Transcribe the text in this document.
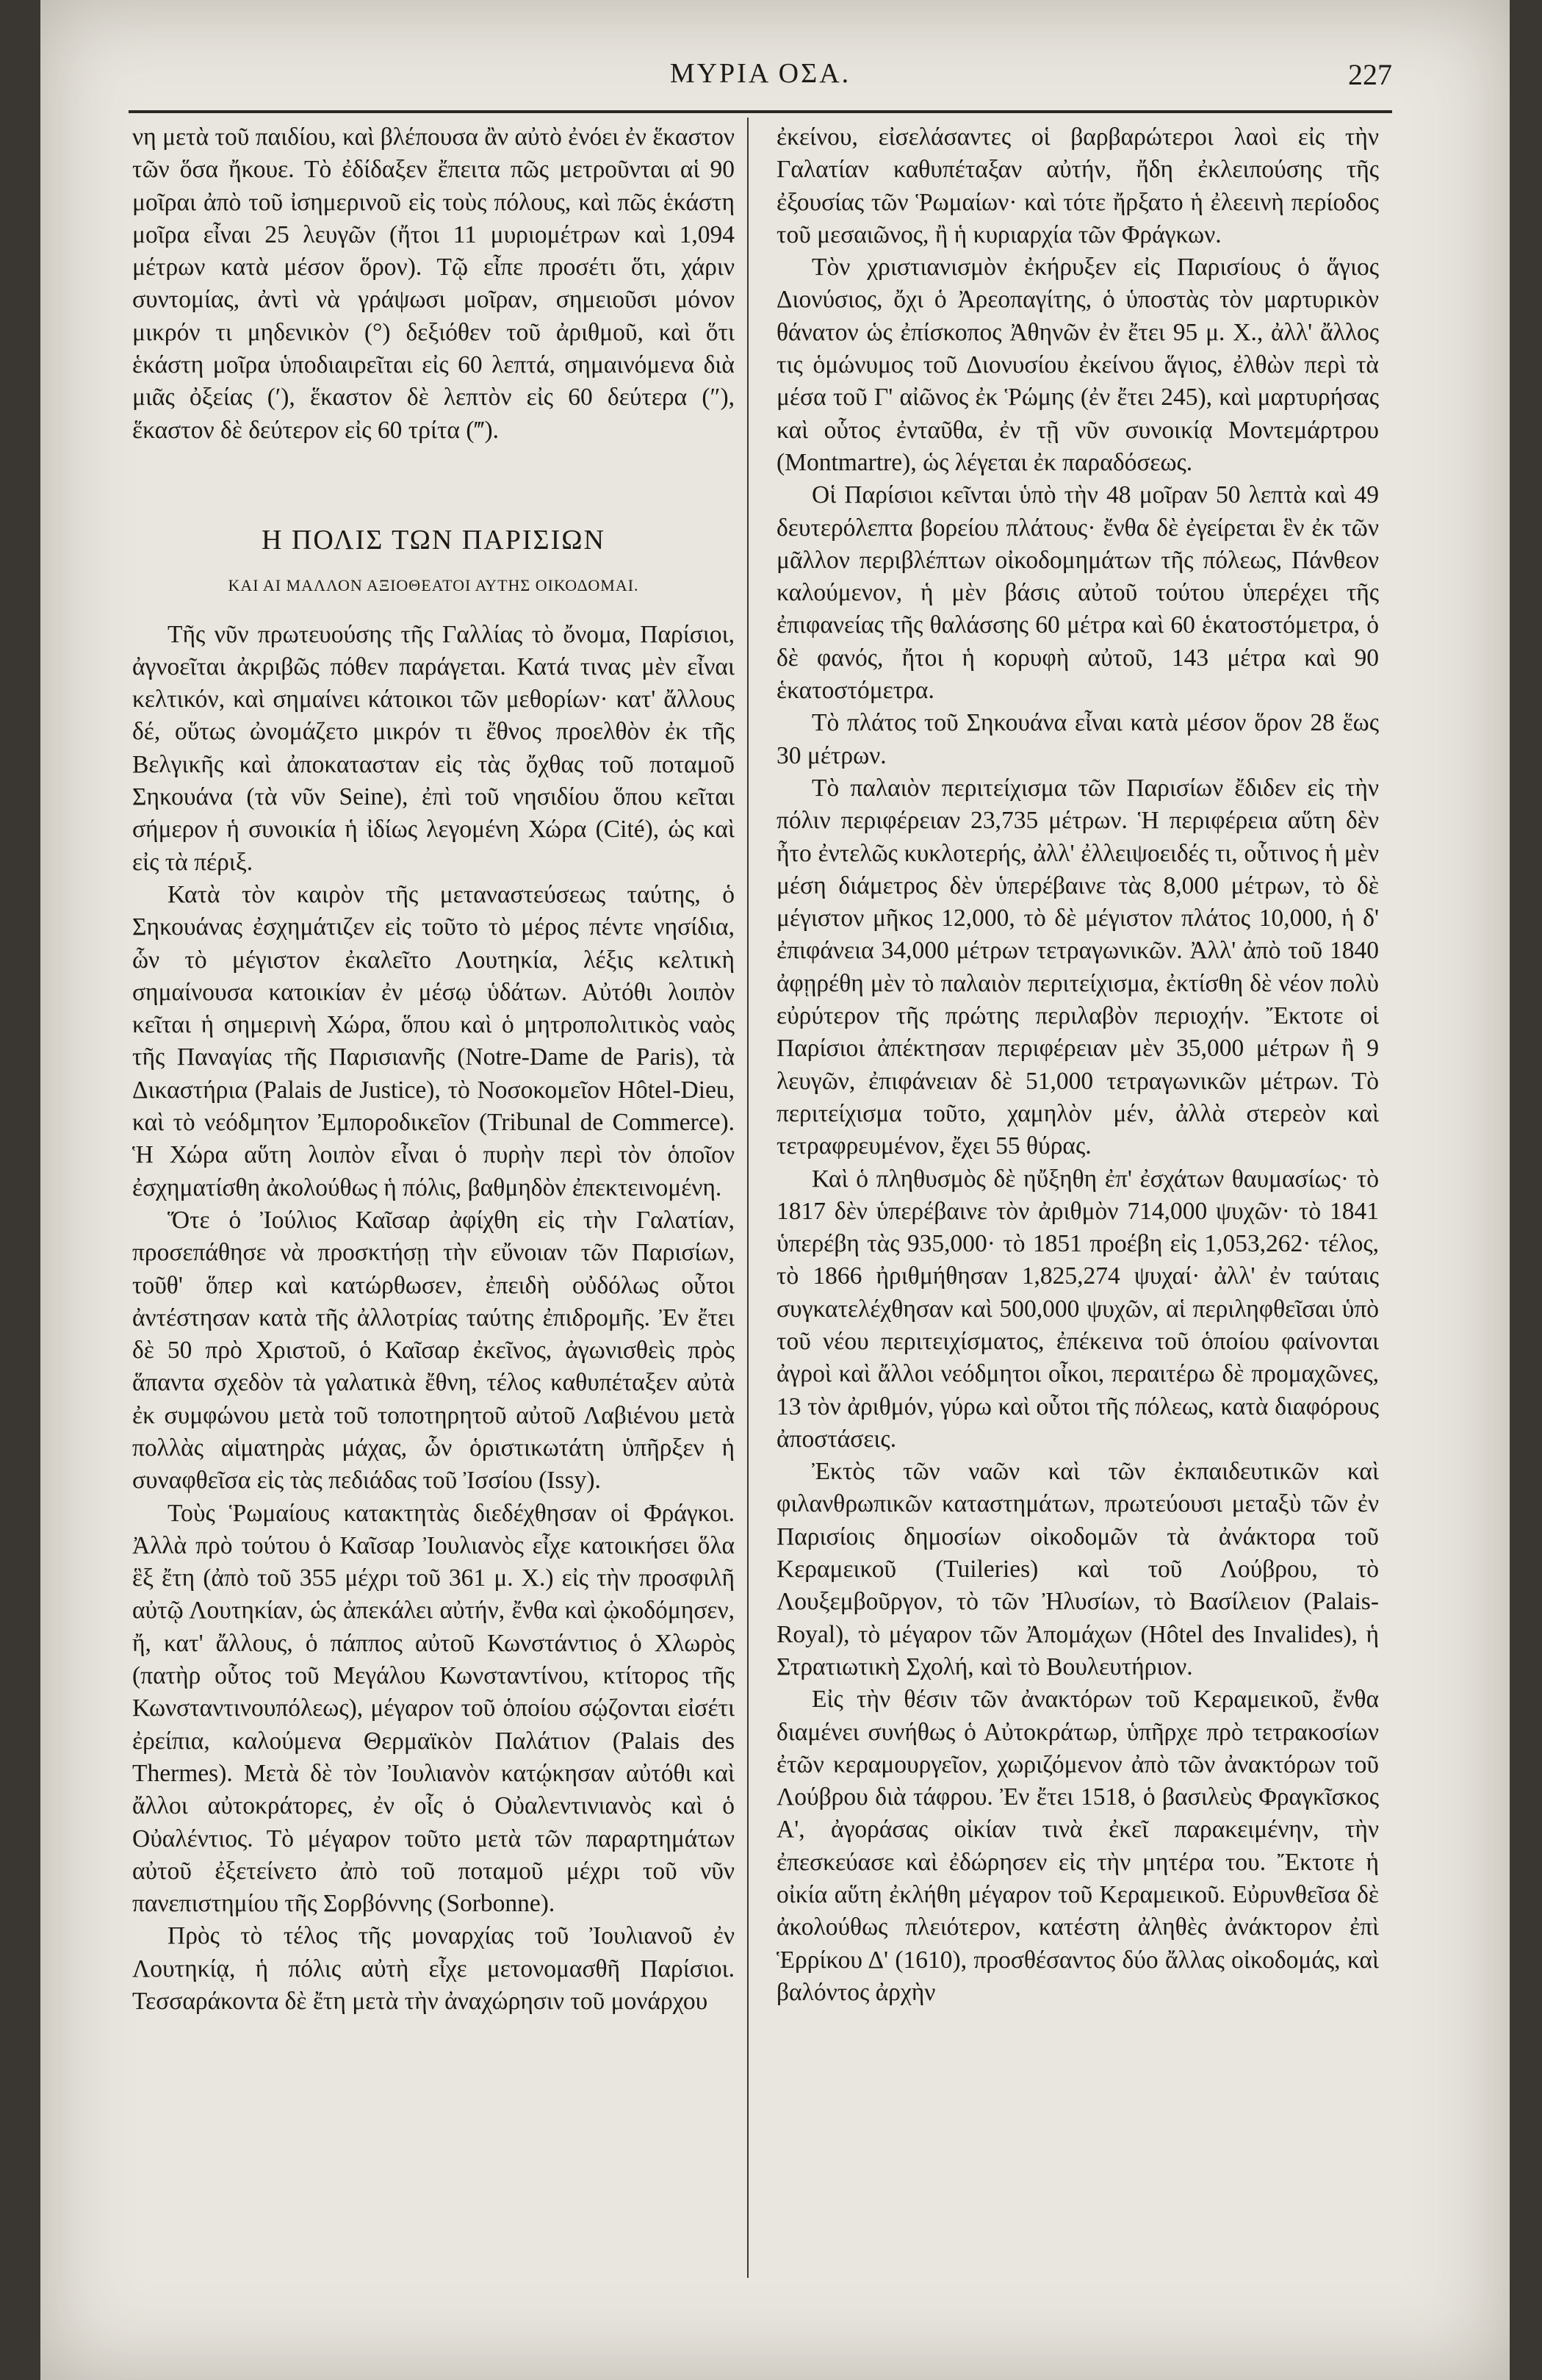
ΜΥΡΙΑ ΟΣΑ.	227

νη μετὰ τοῦ παιδίου, καὶ βλέπουσα ἂν αὐτὸ ἐνόει ἐν ἕκαστον τῶν ὅσα ἤκουε. Τὸ ἐδίδαξεν ἔπειτα πῶς μετροῦνται αἱ 90 μοῖραι ἀπὸ τοῦ ἰσημερινοῦ εἰς τοὺς πόλους, καὶ πῶς ἑκάστη μοῖρα εἶναι 25 λευγῶν (ἤτοι 11 μυριομέτρων καὶ 1,094 μέτρων κατὰ μέσον ὅρον). Τῷ εἶπε προσέτι ὅτι, χάριν συντομίας, ἀντὶ νὰ γράψωσι μοῖραν, σημειοῦσι μόνον μικρόν τι μηδενικὸν (°) δεξιόθεν τοῦ ἀριθμοῦ, καὶ ὅτι ἑκάστη μοῖρα ὑποδιαιρεῖται εἰς 60 λεπτά, σημαινόμενα διὰ μιᾶς ὀξείας (′), ἕκαστον δὲ λεπτὸν εἰς 60 δεύτερα (″), ἕκαστον δὲ δεύτερον εἰς 60 τρίτα (‴).

Η ΠΟΛΙΣ ΤΩΝ ΠΑΡΙΣΙΩΝ
ΚΑΙ ΑΙ ΜΑΛΛΟΝ ΑΞΙΟΘΕΑΤΟΙ ΑΥΤΗΣ ΟΙΚΟΔΟΜΑΙ.

Τῆς νῦν πρωτευούσης τῆς Γαλλίας τὸ ὄνομα, Παρίσιοι, ἀγνοεῖται ἀκριβῶς πόθεν παράγεται. Κατά τινας μὲν εἶναι κελτικόν, καὶ σημαίνει κάτοικοι τῶν μεθορίων· κατ' ἄλλους δέ, οὕτως ὠνομάζετο μικρόν τι ἔθνος προελθὸν ἐκ τῆς Βελγικῆς καὶ ἀποκατασταν εἰς τὰς ὄχθας τοῦ ποταμοῦ Σηκουάνα (τὰ νῦν Seine), ἐπὶ τοῦ νησιδίου ὅπου κεῖται σήμερον ἡ συνοικία ἡ ἰδίως λεγομένη Χώρα (Cité), ὡς καὶ εἰς τὰ πέριξ.

Κατὰ τὸν καιρὸν τῆς μεταναστεύσεως ταύτης, ὁ Σηκουάνας ἐσχημάτιζεν εἰς τοῦτο τὸ μέρος πέντε νησίδια, ὧν τὸ μέγιστον ἐκαλεῖτο Λουτηκία, λέξις κελτικὴ σημαίνουσα κατοικίαν ἐν μέσῳ ὑδάτων. Αὐτόθι λοιπὸν κεῖται ἡ σημερινὴ Χώρα, ὅπου καὶ ὁ μητροπολιτικὸς ναὸς τῆς Παναγίας τῆς Παρισιανῆς (Notre-Dame de Paris), τὰ Δικαστήρια (Palais de Justice), τὸ Νοσοκομεῖον Hôtel-Dieu, καὶ τὸ νεόδμητον Ἐμποροδικεῖον (Tribunal de Commerce). Ἡ Χώρα αὕτη λοιπὸν εἶναι ὁ πυρὴν περὶ τὸν ὁποῖον ἐσχηματίσθη ἀκολούθως ἡ πόλις, βαθμηδὸν ἐπεκτεινομένη.

Ὅτε ὁ Ἰούλιος Καῖσαρ ἀφίχθη εἰς τὴν Γαλατίαν, προσεπάθησε νὰ προσκτήσῃ τὴν εὔνοιαν τῶν Παρισίων, τοῦθ' ὅπερ καὶ κατώρθωσεν, ἐπειδὴ οὐδόλως οὗτοι ἀντέστησαν κατὰ τῆς ἀλλοτρίας ταύτης ἐπιδρομῆς. Ἐν ἔτει δὲ 50 πρὸ Χριστοῦ, ὁ Καῖσαρ ἐκεῖνος, ἀγωνισθεὶς πρὸς ἅπαντα σχεδὸν τὰ γαλατικὰ ἔθνη, τέλος καθυπέταξεν αὐτὰ ἐκ συμφώνου μετὰ τοῦ τοποτηρητοῦ αὐτοῦ Λαβιένου μετὰ πολλὰς αἱματηρὰς μάχας, ὧν ὁριστικωτάτη ὑπῆρξεν ἡ συναφθεῖσα εἰς τὰς πεδιάδας τοῦ Ἰσσίου (Issy).

Τοὺς Ῥωμαίους κατακτητὰς διεδέχθησαν οἱ Φράγκοι. Ἀλλὰ πρὸ τούτου ὁ Καῖσαρ Ἰουλιανὸς εἶχε κατοικήσει ὅλα ἓξ ἔτη (ἀπὸ τοῦ 355 μέχρι τοῦ 361 μ. Χ.) εἰς τὴν προσφιλῆ αὐτῷ Λουτηκίαν, ὡς ἀπεκάλει αὐτήν, ἔνθα καὶ ᾠκοδόμησεν, ἤ, κατ' ἄλλους, ὁ πάππος αὐτοῦ Κωνστάντιος ὁ Χλωρὸς (πατὴρ οὗτος τοῦ Μεγάλου Κωνσταντίνου, κτίτορος τῆς Κωνσταντινουπόλεως), μέγαρον τοῦ ὁποίου σῴζονται εἰσέτι ἐρείπια, καλούμενα Θερμαϊκὸν Παλάτιον (Palais des Thermes). Μετὰ δὲ τὸν Ἰουλιανὸν κατῴκησαν αὐτόθι καὶ ἄλλοι αὐτοκράτορες, ἐν οἷς ὁ Οὐαλεντινιανὸς καὶ ὁ Οὐαλέντιος. Τὸ μέγαρον τοῦτο μετὰ τῶν παραρτημάτων αὐτοῦ ἐξετείνετο ἀπὸ τοῦ ποταμοῦ μέχρι τοῦ νῦν πανεπιστημίου τῆς Σορβόννης (Sorbonne).

Πρὸς τὸ τέλος τῆς μοναρχίας τοῦ Ἰουλιανοῦ ἐν Λουτηκίᾳ, ἡ πόλις αὐτὴ εἶχε μετονομασθῆ Παρίσιοι. Τεσσαράκοντα δὲ ἔτη μετὰ τὴν ἀναχώρησιν τοῦ μονάρχου

ἐκείνου, εἰσελάσαντες οἱ βαρβαρώτεροι λαοὶ εἰς τὴν Γαλατίαν καθυπέταξαν αὐτήν, ἤδη ἐκλειπούσης τῆς ἐξουσίας τῶν Ῥωμαίων· καὶ τότε ἤρξατο ἡ ἐλεεινὴ περίοδος τοῦ μεσαιῶνος, ἢ ἡ κυριαρχία τῶν Φράγκων.

Τὸν χριστιανισμὸν ἐκήρυξεν εἰς Παρισίους ὁ ἅγιος Διονύσιος, ὄχι ὁ Ἀρεοπαγίτης, ὁ ὑποστὰς τὸν μαρτυρικὸν θάνατον ὡς ἐπίσκοπος Ἀθηνῶν ἐν ἔτει 95 μ. Χ., ἀλλ' ἄλλος τις ὁμώνυμος τοῦ Διονυσίου ἐκείνου ἅγιος, ἐλθὼν περὶ τὰ μέσα τοῦ Γ' αἰῶνος ἐκ Ῥώμης (ἐν ἔτει 245), καὶ μαρτυρήσας καὶ οὗτος ἐνταῦθα, ἐν τῇ νῦν συνοικίᾳ Μοντεμάρτρου (Montmartre), ὡς λέγεται ἐκ παραδόσεως.

Οἱ Παρίσιοι κεῖνται ὑπὸ τὴν 48 μοῖραν 50 λεπτὰ καὶ 49 δευτερόλεπτα βορείου πλάτους· ἔνθα δὲ ἐγείρεται ἓν ἐκ τῶν μᾶλλον περιβλέπτων οἰκοδομημάτων τῆς πόλεως, Πάνθεον καλούμενον, ἡ μὲν βάσις αὐτοῦ τούτου ὑπερέχει τῆς ἐπιφανείας τῆς θαλάσσης 60 μέτρα καὶ 60 ἑκατοστόμετρα, ὁ δὲ φανός, ἤτοι ἡ κορυφὴ αὐτοῦ, 143 μέτρα καὶ 90 ἑκατοστόμετρα.

Τὸ πλάτος τοῦ Σηκουάνα εἶναι κατὰ μέσον ὅρον 28 ἕως 30 μέτρων.

Τὸ παλαιὸν περιτείχισμα τῶν Παρισίων ἔδιδεν εἰς τὴν πόλιν περιφέρειαν 23,735 μέτρων. Ἡ περιφέρεια αὕτη δὲν ἦτο ἐντελῶς κυκλοτερής, ἀλλ' ἐλλειψοειδές τι, οὗτινος ἡ μὲν μέση διάμετρος δὲν ὑπερέβαινε τὰς 8,000 μέτρων, τὸ δὲ μέγιστον μῆκος 12,000, τὸ δὲ μέγιστον πλάτος 10,000, ἡ δ' ἐπιφάνεια 34,000 μέτρων τετραγωνικῶν. Ἀλλ' ἀπὸ τοῦ 1840 ἀφῃρέθη μὲν τὸ παλαιὸν περιτείχισμα, ἐκτίσθη δὲ νέον πολὺ εὐρύτερον τῆς πρώτης περιλαβὸν περιοχήν. Ἔκτοτε οἱ Παρίσιοι ἀπέκτησαν περιφέρειαν μὲν 35,000 μέτρων ἢ 9 λευγῶν, ἐπιφάνειαν δὲ 51,000 τετραγωνικῶν μέτρων. Τὸ περιτείχισμα τοῦτο, χαμηλὸν μέν, ἀλλὰ στερεὸν καὶ τετραφρευμένον, ἔχει 55 θύρας.

Καὶ ὁ πληθυσμὸς δὲ ηὔξηθη ἐπ' ἐσχάτων θαυμασίως· τὸ 1817 δὲν ὑπερέβαινε τὸν ἀριθμὸν 714,000 ψυχῶν· τὸ 1841 ὑπερέβη τὰς 935,000· τὸ 1851 προέβη εἰς 1,053,262· τέλος, τὸ 1866 ἠριθμήθησαν 1,825,274 ψυχαί· ἀλλ' ἐν ταύταις συγκατελέχθησαν καὶ 500,000 ψυχῶν, αἱ περιληφθεῖσαι ὑπὸ τοῦ νέου περιτειχίσματος, ἐπέκεινα τοῦ ὁποίου φαίνονται ἀγροὶ καὶ ἄλλοι νεόδμητοι οἶκοι, περαιτέρω δὲ προμαχῶνες, 13 τὸν ἀριθμόν, γύρω καὶ οὗτοι τῆς πόλεως, κατὰ διαφόρους ἀποστάσεις.

Ἐκτὸς τῶν ναῶν καὶ τῶν ἐκπαιδευτικῶν καὶ φιλανθρωπικῶν καταστημάτων, πρωτεύουσι μεταξὺ τῶν ἐν Παρισίοις δημοσίων οἰκοδομῶν τὰ ἀνάκτορα τοῦ Κεραμεικοῦ (Tuileries) καὶ τοῦ Λούβρου, τὸ Λουξεμβοῦργον, τὸ τῶν Ἠλυσίων, τὸ Βασίλειον (Palais-Royal), τὸ μέγαρον τῶν Ἀπομάχων (Hôtel des Invalides), ἡ Στρατιωτικὴ Σχολή, καὶ τὸ Βουλευτήριον.

Εἰς τὴν θέσιν τῶν ἀνακτόρων τοῦ Κεραμεικοῦ, ἔνθα διαμένει συνήθως ὁ Αὐτοκράτωρ, ὑπῆρχε πρὸ τετρακοσίων ἐτῶν κεραμουργεῖον, χωριζόμενον ἀπὸ τῶν ἀνακτόρων τοῦ Λούβρου διὰ τάφρου. Ἐν ἔτει 1518, ὁ βασιλεὺς Φραγκῖσκος Α', ἀγοράσας οἰκίαν τινὰ ἐκεῖ παρακειμένην, τὴν ἐπεσκεύασε καὶ ἐδώρησεν εἰς τὴν μητέρα του. Ἔκτοτε ἡ οἰκία αὕτη ἐκλήθη μέγαρον τοῦ Κεραμεικοῦ. Εὐρυνθεῖσα δὲ ἀκολούθως πλειότερον, κατέστη ἀληθὲς ἀνάκτορον ἐπὶ Ἑρρίκου Δ' (1610), προσθέσαντος δύο ἄλλας οἰκοδομάς, καὶ βαλόντος ἀρχὴν
